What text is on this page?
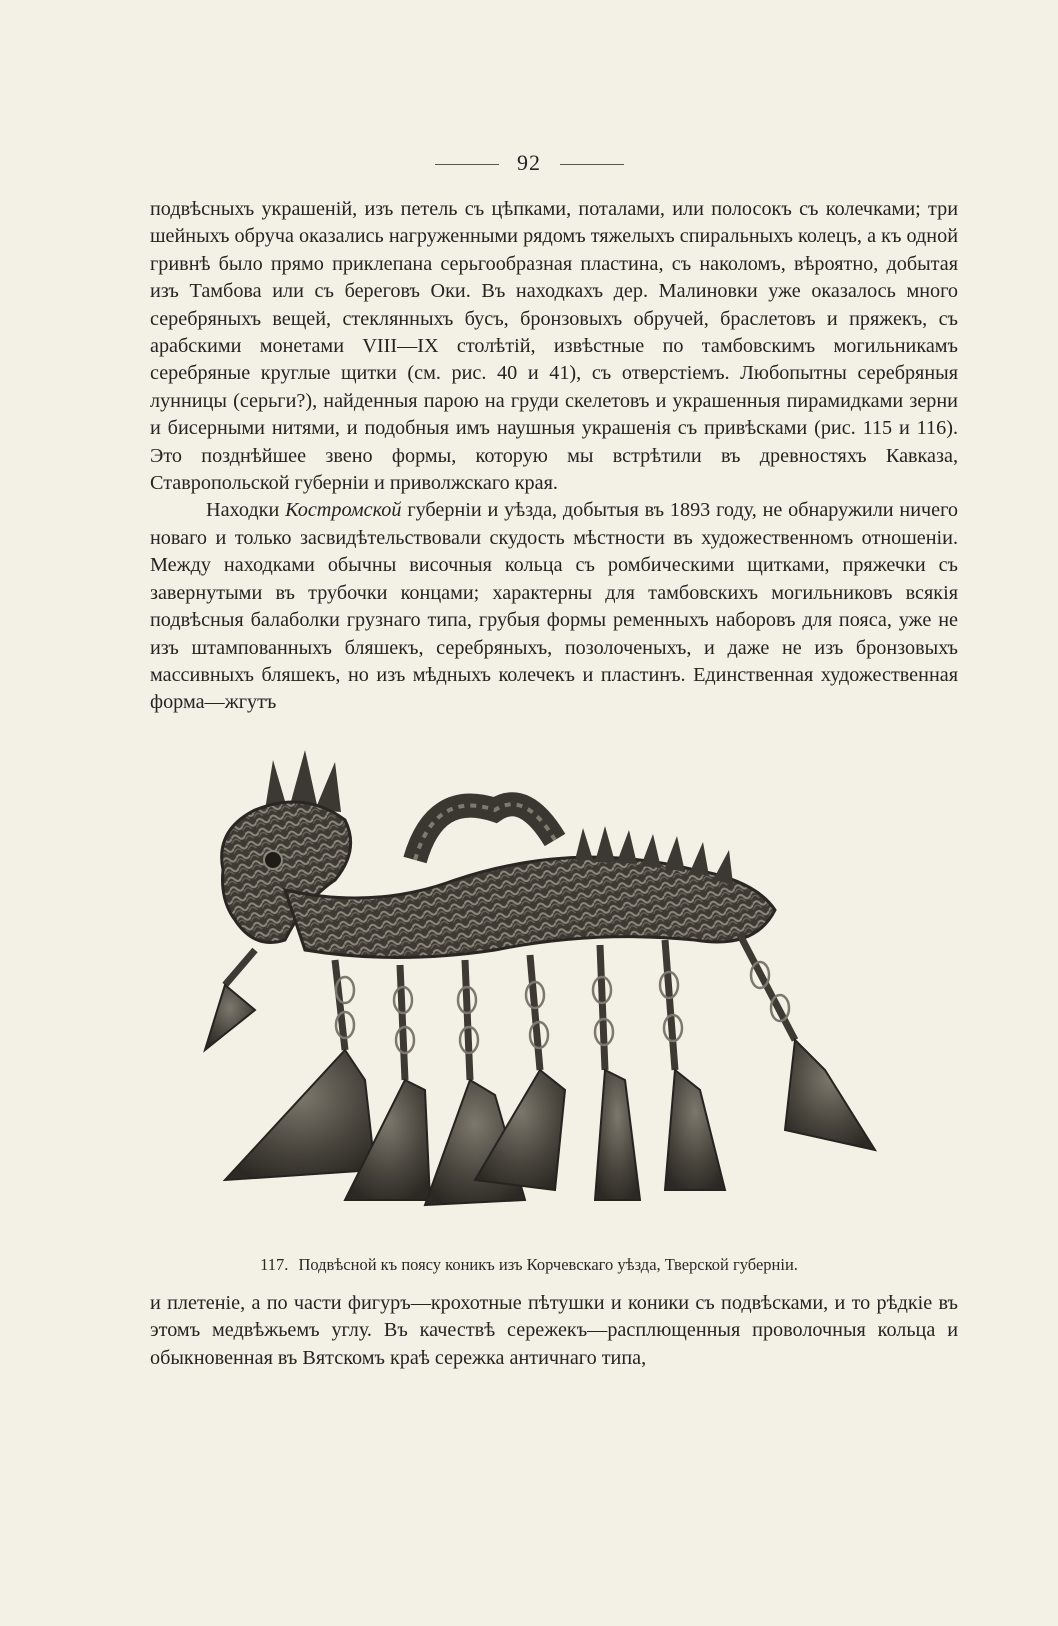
92

подвѣсныхъ украшеній, изъ петель съ цѣпками, поталами, или полосокъ съ колечками; три шейныхъ обруча оказались нагруженными рядомъ тяжелыхъ спиральныхъ колецъ, а къ одной гривнѣ было прямо приклепана серьгообразная пластина, съ наколомъ, вѣроятно, добытая изъ Тамбова или съ береговъ Оки. Въ находкахъ дер. Малиновки уже оказалось много серебряныхъ вещей, стеклянныхъ бусъ, бронзовыхъ обручей, браслетовъ и пряжекъ, съ арабскими монетами VIII—IX столѣтій, извѣстные по тамбовскимъ могильникамъ серебряные круглые щитки (см. рис. 40 и 41), съ отверстіемъ. Любопытны серебряныя лунницы (серьги?), найденныя парою на груди скелетовъ и украшенныя пирамидками зерни и бисерными нитями, и подобныя имъ наушныя украшенія съ привѣсками (рис. 115 и 116). Это позднѣйшее звено формы, которую мы встрѣтили въ древностяхъ Кавказа, Ставропольской губерніи и приволжскаго края.

Находки Костромской губерніи и уѣзда, добытыя въ 1893 году, не обнаружили ничего новаго и только засвидѣтельствовали скудость мѣстности въ художественномъ отношеніи. Между находками обычны височныя кольца съ ромбическими щитками, пряжечки съ завернутыми въ трубочки концами; характерны для тамбовскихъ могильниковъ всякія подвѣсныя балаболки грузнаго типа, грубыя формы ременныхъ наборовъ для пояса, уже не изъ штампованныхъ бляшекъ, серебряныхъ, позолоченыхъ, и даже не изъ бронзовыхъ массивныхъ бляшекъ, но изъ мѣдныхъ колечекъ и пластинъ. Единственная художественная форма—жгутъ

117. Подвѣсной къ поясу коникъ изъ Корчевскаго уѣзда, Тверской губерніи.

и плетеніе, а по части фигуръ—крохотные пѣтушки и коники съ подвѣсками, и то рѣдкіе въ этомъ медвѣжьемъ углу. Въ качествѣ сережекъ—расплющенныя проволочныя кольца и обыкновенная въ Вятскомъ краѣ сережка античнаго типа,
